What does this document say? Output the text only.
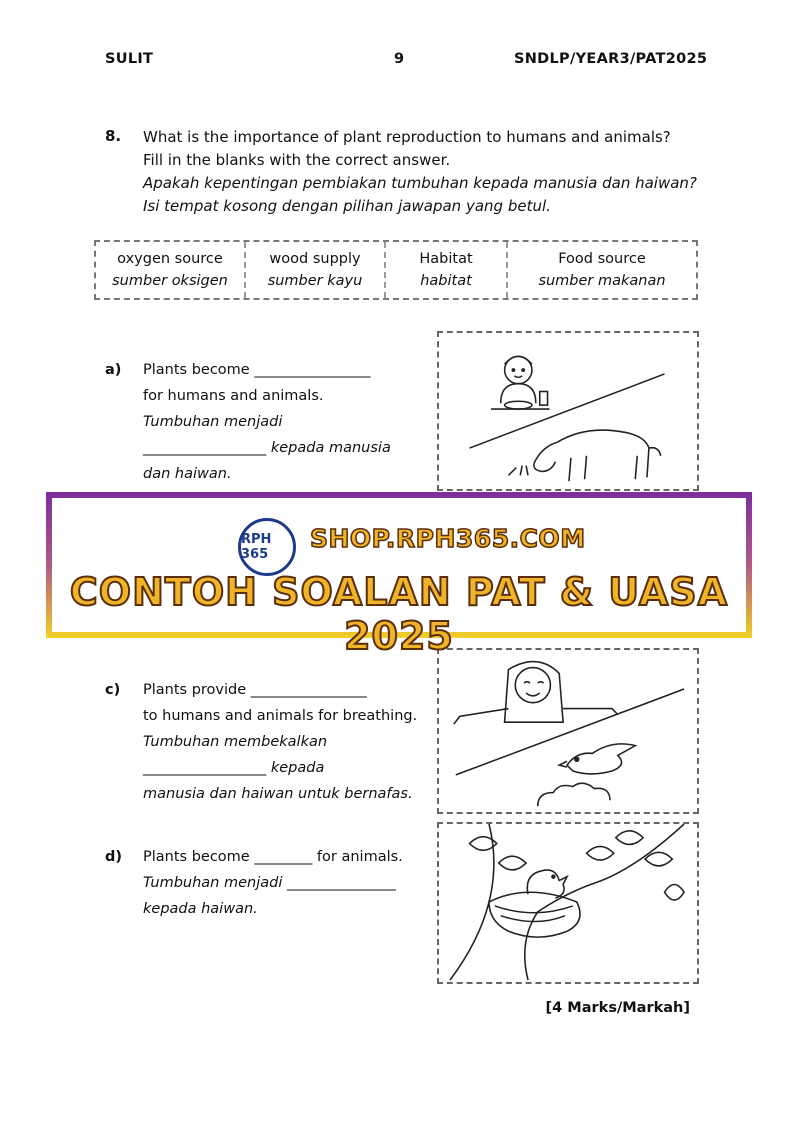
SULIT	9	SNDLP/YEAR3/PAT2025
8. What is the importance of plant reproduction to humans and animals?
Fill in the blanks with the correct answer.
Apakah kepentingan pembiakan tumbuhan kepada manusia dan haiwan?
Isi tempat kosong dengan pilihan jawapan yang betul.
oxygen source
sumber oksigen
wood supply
sumber kayu
Habitat
habitat
Food source
sumber makanan
a) Plants become ________________
for humans and animals.
Tumbuhan menjadi
_________________ kepada manusia
dan haiwan.
c) Plants provide ________________
to humans and animals for breathing.
Tumbuhan membekalkan
_________________ kepada
manusia dan haiwan untuk bernafas.
d) Plants become ________ for animals.
Tumbuhan menjadi _______________
kepada haiwan.
RPH 365
SHOP.RPH365.COM
CONTOH SOALAN PAT & UASA 2025
[4 Marks/Markah]
